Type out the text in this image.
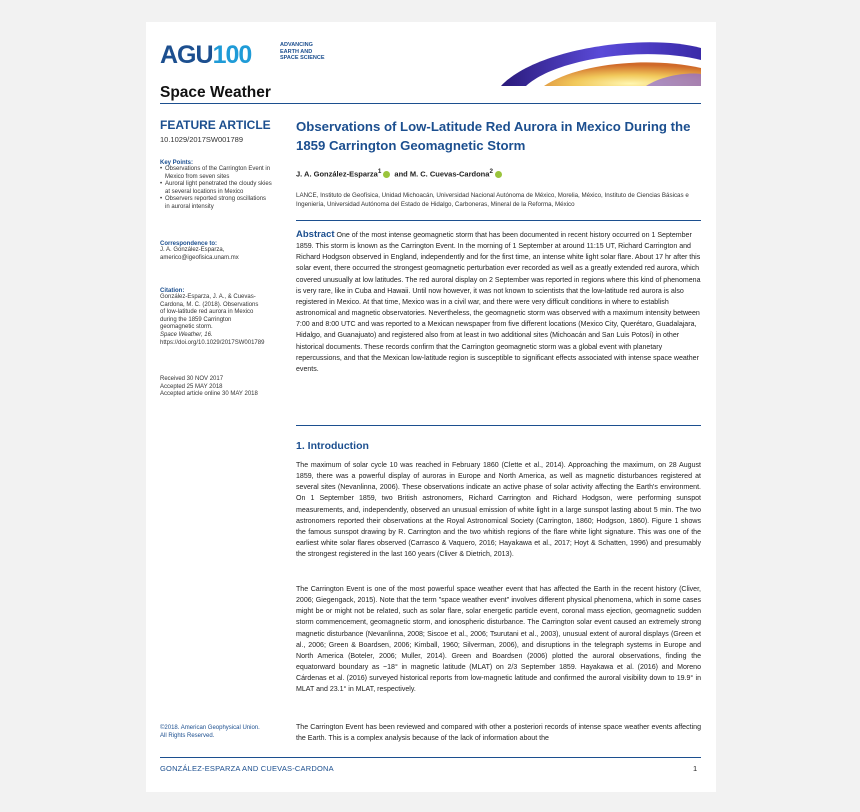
AGU100	ADVANCING
EARTH AND
SPACE SCIENCE
Space Weather
FEATURE ARTICLE
10.1029/2017SW001789
Key Points:
• Observations of the Carrington Event in Mexico from seven sites
• Auroral light penetrated the cloudy skies at several locations in Mexico
• Observers reported strong oscillations in auroral intensity
Correspondence to:
J. A. González-Esparza,
americo@igeofisica.unam.mx
Citation:
González-Esparza, J. A., & Cuevas-Cardona, M. C. (2018). Observations of low-latitude red aurora in Mexico during the 1859 Carrington geomagnetic storm.
Space Weather, 16.
https://doi.org/10.1029/2017SW001789
Received 30 NOV 2017
Accepted 25 MAY 2018
Accepted article online 30 MAY 2018
©2018. American Geophysical Union.
All Rights Reserved.
Observations of Low-Latitude Red Aurora in Mexico During the 1859 Carrington Geomagnetic Storm
J. A. González-Esparza$^1$ and M. C. Cuevas-Cardona$^2$
LANCE, Instituto de Geofísica, Unidad Michoacán, Universidad Nacional Autónoma de México, Morelia, México, Instituto de Ciencias Básicas e Ingeniería, Universidad Autónoma del Estado de Hidalgo, Carboneras, Mineral de la Reforma, México
Abstract One of the most intense geomagnetic storm that has been documented in recent history occurred on 1 September 1859. This storm is known as the Carrington Event. In the morning of 1 September at around 11:15 UT, Richard Carrington and Richard Hodgson observed in England, independently and for the first time, an intense white light solar flare. About 17 hr after this solar event, there occurred the strongest geomagnetic perturbation ever recorded as well as a greatly extended red aurora, which covered unusually at low latitudes. The red auroral display on 2 September was reported in regions where this kind of phenomena is very rare, like in Cuba and Hawaii. Until now however, it was not known to scientists that the low-latitude red aurora is also registered in Mexico. At that time, Mexico was in a civil war, and there were very difficult conditions in where to establish astronomical and magnetic observatories. Nevertheless, the geomagnetic storm was observed with a maximum intensity between 7:00 and 8:00 UTC and was reported to a Mexican newspaper from five different locations (Mexico City, Querétaro, Guadalajara, Hidalgo, and Guanajuato) and registered also from at least in two additional sites (Michoacán and San Luis Potosí) in other historical documents. These records confirm that the Carrington geomagnetic storm was a global event with planetary repercussions, and that the Mexican low-latitude region is susceptible to significant effects associated with intense space weather events.
1. Introduction
The maximum of solar cycle 10 was reached in February 1860 (Clette et al., 2014). Approaching the maximum, on 28 August 1859, there was a powerful display of auroras in Europe and North America, as well as magnetic disturbances registered at several sites (Nevanlinna, 2006). These observations indicate an active phase of solar activity affecting the Earth's environment. On 1 September 1859, two British astronomers, Richard Carrington and Richard Hodgson, were performing sunspot measurements, and, independently, observed an unusual emission of white light in a large sunspot lasting about 5 min. The two astronomers reported their observations at the Royal Astronomical Society (Carrington, 1860; Hodgson, 1860). Figure 1 shows the famous sunspot drawing by R. Carrington and the two whitish regions of the flare white light signature. This was one of the earliest white solar flares observed (Carrasco & Vaquero, 2016; Hayakawa et al., 2017; Hoyt & Schatten, 1996) and presumably the strongest registered in the last 160 years (Cliver & Dietrich, 2013).
The Carrington Event is one of the most powerful space weather event that has affected the Earth in the recent history (Cliver, 2006; Giegengack, 2015). Note that the term "space weather event" involves different physical phenomena, which in some cases might be or might not be related, such as solar flare, solar energetic particle event, coronal mass ejection, geomagnetic sudden storm commencement, geomagnetic storm, and ionospheric disturbance. The Carrington solar event caused an extremely strong magnetic disturbance (Nevanlinna, 2008; Siscoe et al., 2006; Tsurutani et al., 2003), unusual extent of auroral displays (Green et al., 2006; Green & Boardsen, 2006; Kimball, 1960; Silverman, 2006), and disruptions in the telegraph systems in Europe and North America (Boteler, 2006; Muller, 2014). Green and Boardsen (2006) plotted the auroral observations, finding the equatorward boundary as ~18° in magnetic latitude (MLAT) on 2/3 September 1859. Hayakawa et al. (2016) and Moreno Cárdenas et al. (2016) surveyed historical reports from low-magnetic latitude and confirmed the auroral visibility down to 19.9° in MLAT and 23.1° in MLAT, respectively.
The Carrington Event has been reviewed and compared with other a posteriori records of intense space weather events affecting the Earth. This is a complex analysis because of the lack of information about the
GONZÁLEZ-ESPARZA AND CUEVAS-CARDONA	1
